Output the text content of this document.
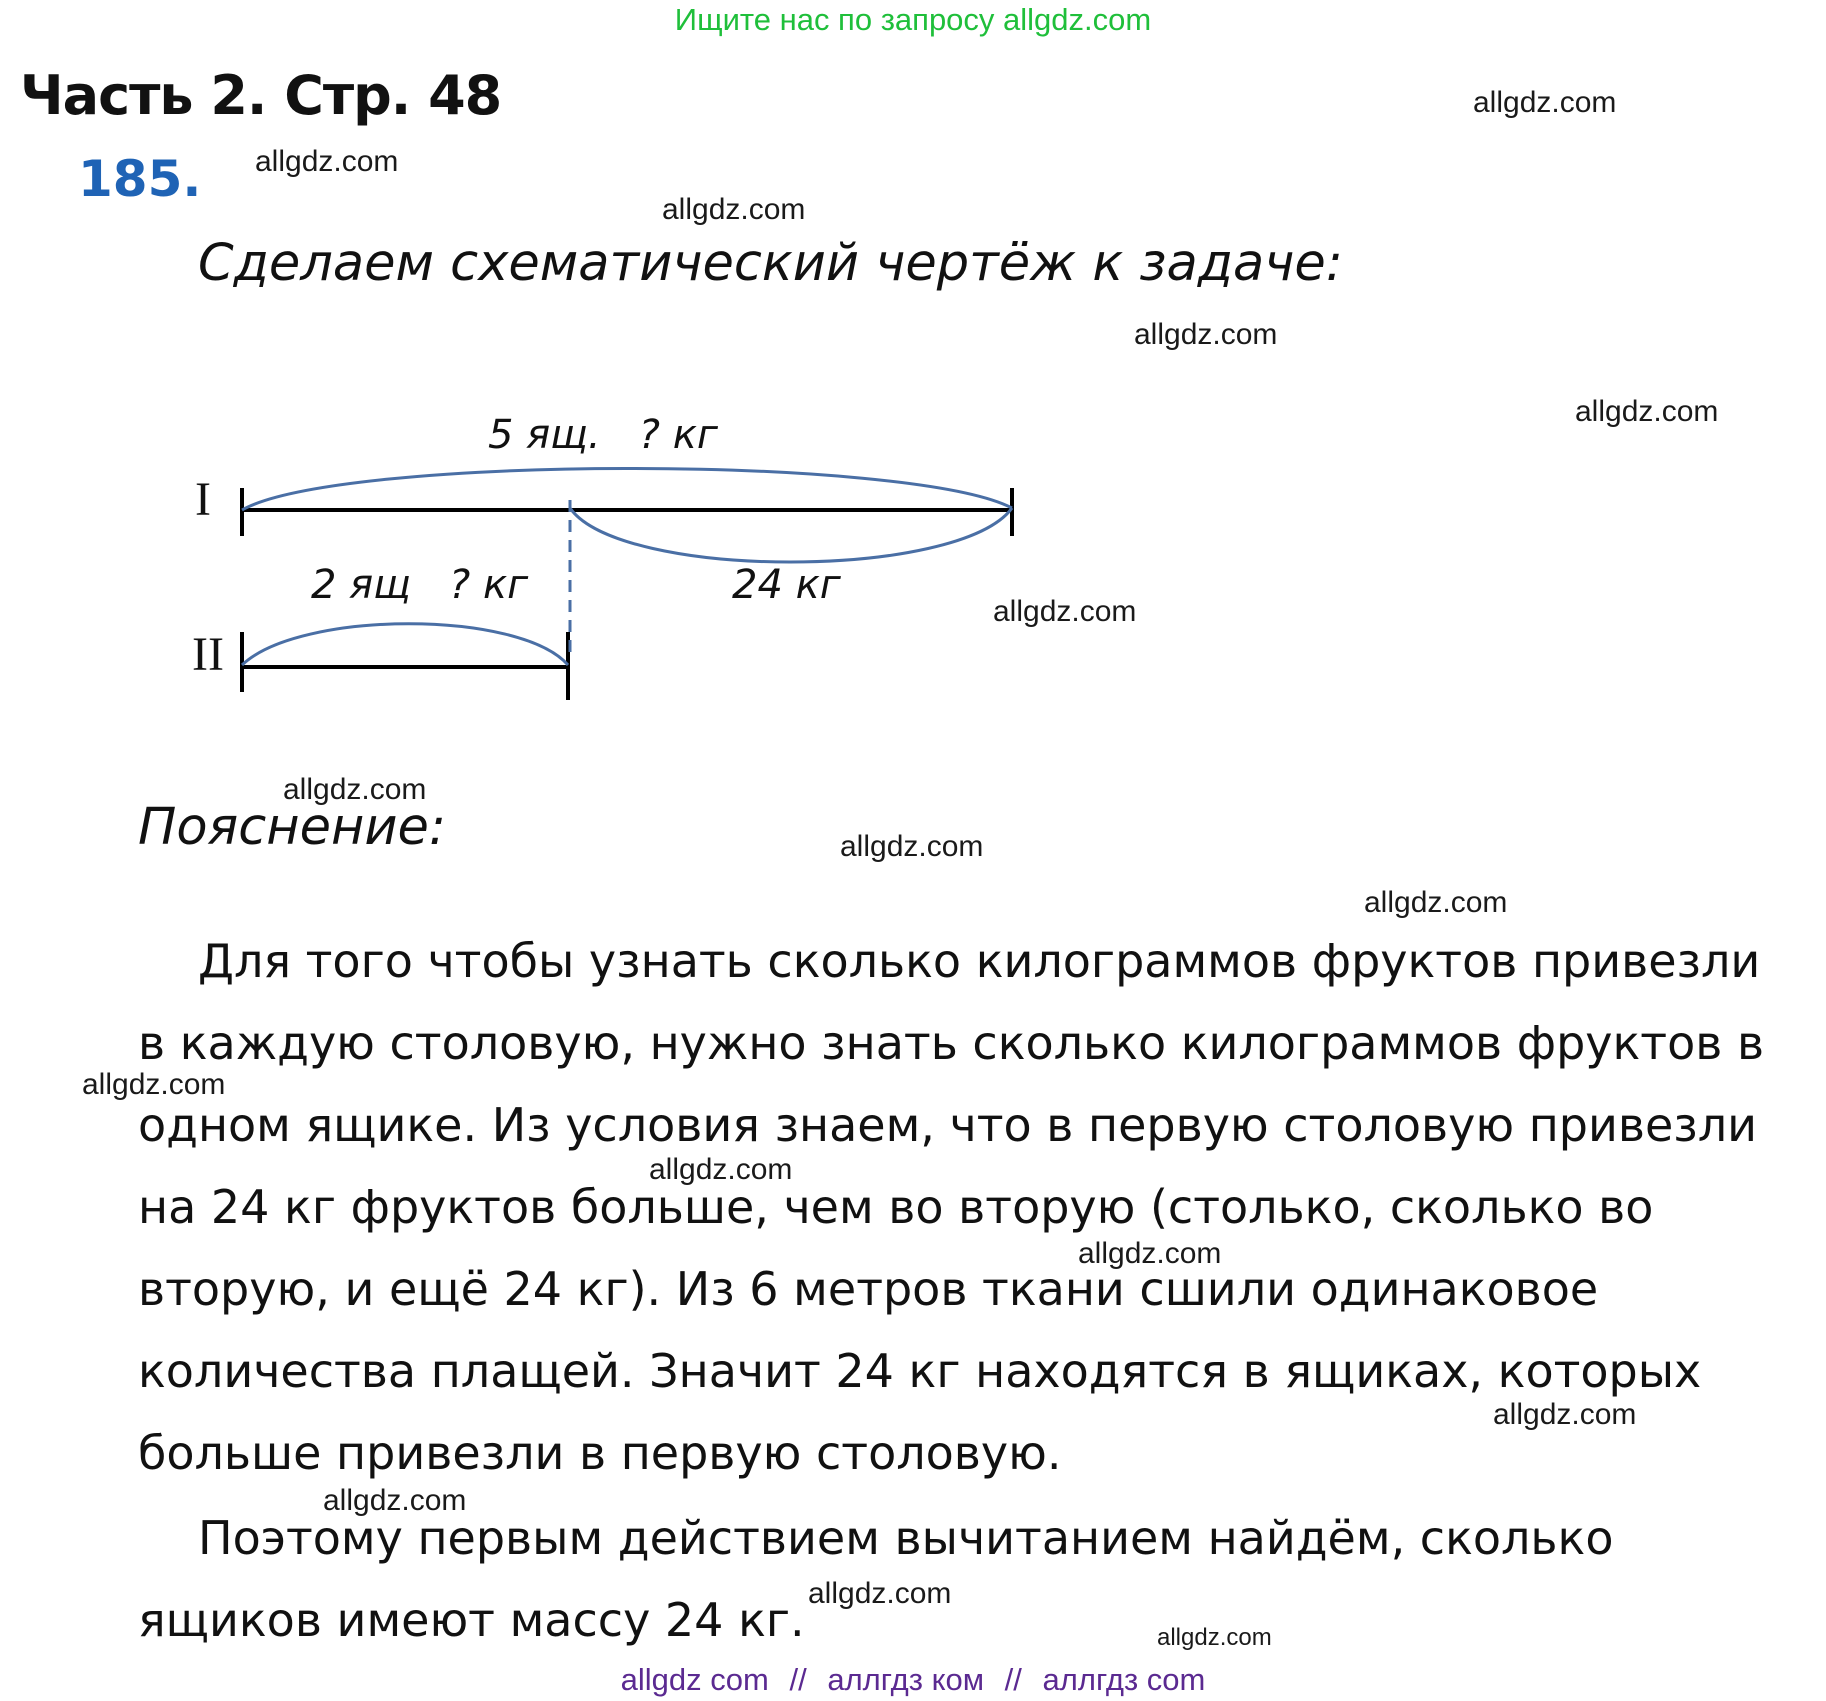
Ищите нас по запросу allgdz.com
Часть 2. Стр. 48
185.
Сделаем схематический чертёж к задаче:
I
II
5 ящ.   ? кг
24 кг
2 ящ   ? кг
Пояснение:

Для того чтобы узнать сколько килограммов фруктов привезли в каждую столовую, нужно знать сколько килограммов фруктов в одном ящике. Из условия знаем, что в первую столовую привезли на 24 кг фруктов больше, чем во вторую (столько, сколько во вторую, и ещё 24 кг). Из 6 метров ткани сшили одинаковое количества плащей. Значит 24 кг находятся в ящиках, которых больше привезли в первую столовую.

Поэтому первым действием вычитанием найдём, сколько ящиков имеют массу 24 кг.

allgdz.com
allgdz.com
allgdz.com
allgdz.com
allgdz.com
allgdz.com
allgdz.com
allgdz.com
allgdz.com
allgdz.com
allgdz.com
allgdz.com
allgdz.com
allgdz.com
allgdz.com
allgdz.com
allgdz com // аллгдз ком // аллгдз com
